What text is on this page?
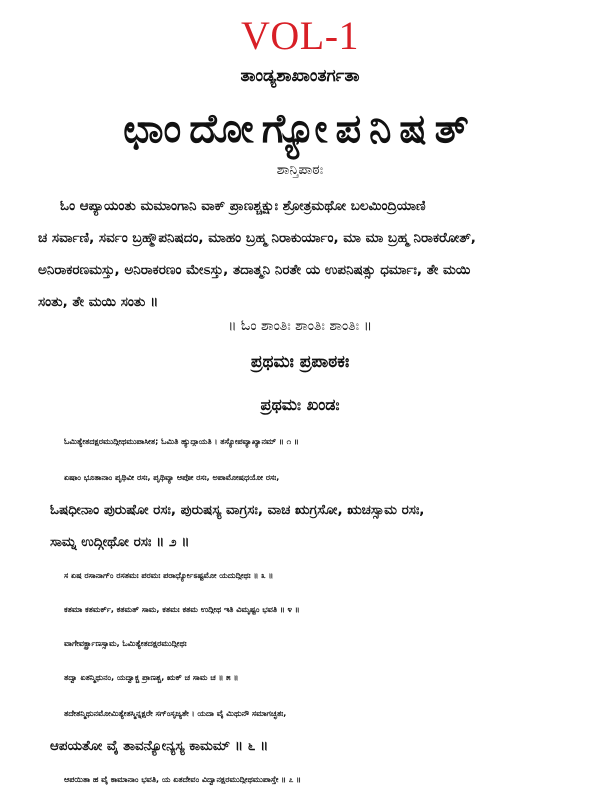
VOL-1
ತಾಂಡ್ಯಶಾಖಾಂತರ್ಗತಾ
ಛಾಂದೋಗ್ಯೋಪನಿಷತ್
ಶಾನ್ತಿಪಾಠಃ
ಓಂ ಆಪ್ಯಾಯಂತು ಮಮಾಂಗಾನಿ ವಾಕ್ ಪ್ರಾಣಶ್ಚಕ್ಷುಃ ಶ್ರೋತ್ರಮಥೋ ಬಲಮಿಂದ್ರಿಯಾಣಿ
ಚ ಸರ್ವಾಣಿ, ಸರ್ವಂ ಬ್ರಹ್ಮೌಪನಿಷದಂ, ಮಾಹಂ ಬ್ರಹ್ಮ ನಿರಾಕುರ್ಯಾಂ, ಮಾ ಮಾ ಬ್ರಹ್ಮ ನಿರಾಕರೋತ್,
ಅನಿರಾಕರಣಮಸ್ತು, ಅನಿರಾಕರಣಂ ಮೇಽಸ್ತು, ತದಾತ್ಮನಿ ನಿರತೇ ಯ ಉಪನಿಷತ್ಸು ಧರ್ಮಾಃ, ತೇ ಮಯಿ
ಸಂತು, ತೇ ಮಯಿ ಸಂತು ॥
॥ ಓಂ ಶಾಂತಿಃ ಶಾಂತಿಃ ಶಾಂತಿಃ ॥
ಪ್ರಥಮಃ ಪ್ರಪಾಠಕಃ
ಪ್ರಥಮಃ ಖಂಡಃ
ಓಮಿತ್ಯೇತದಕ್ಷರಮುದ್ಗೀಥಮುಪಾಸೀತ; ಓಮಿತಿ ಹ್ಯುದ್ಗಾಯತಿ । ತಸ್ಯೋಪವ್ಯಾಖ್ಯಾನಮ್ ॥ ೧ ॥
ಏಷಾಂ ಭೂತಾನಾಂ ಪೃಥಿವೀ ರಸಃ, ಪೃಥಿವ್ಯಾ ಆಪೋ ರಸಃ, ಅಪಾಮೋಷಧಯೋ ರಸಃ,
ಓಷಧೀನಾಂ ಪುರುಷೋ ರಸಃ, ಪುರುಷಸ್ಯ ವಾಗ್ರಸಃ, ವಾಚ ಋಗ್ರಸೋ, ಋಚಸ್ಸಾಮ ರಸಃ,
ಸಾಮ್ನ ಉದ್ಗೀಥೋ ರಸಃ ॥ ೨ ॥
ಸ ಏಷ ರಸಾನಾಗ್ಂ ರಸತಮಃ ಪರಮಃ ಪರಾರ್ಧ್ಯೋಽಷ್ಟಮೋ ಯದುದ್ಗೀಥಃ ॥ ೩ ॥
ಕತಮಾ ಕತಮರ್ಕ್, ಕತಮತ್ ಸಾಮ, ಕತಮಃ ಕತಮ ಉದ್ಗೀಥ ಇತಿ ವಿಮೃಷ್ಟಂ ಭವತಿ ॥ ೪ ॥
ವಾಗೇವರ್ಕ್ಪ್ರಾಣಸ್ಸಾಮ, ಓಮಿತ್ಯೇತದಕ್ಷರಮುದ್ಗೀಥಃ
ತದ್ವಾ ಏತನ್ಮಿಥುನಂ, ಯದ್ವಾಕ್ಚ ಪ್ರಾಣಶ್ಚ, ಋಕ್ ಚ ಸಾಮ ಚ ॥ ೫ ॥
ತದೇತನ್ಮಿಥುನಮೋಮಿತ್ಯೇತಸ್ಮಿನ್ನಕ್ಷರೇ ಸಗ್ಂಸೃಜ್ಯತೇ । ಯದಾ ವೈ ಮಿಥುನೌ ಸಮಾಗಚ್ಛತಃ,
ಆಪಯತೋ ವೈ ತಾವನ್ಯೋನ್ಯಸ್ಯ ಕಾಮಮ್ ॥ ೬ ॥
ಆಪಯಿತಾ ಹ ವೈ ಕಾಮಾನಾಂ ಭವತಿ, ಯ ಏತದೇವಂ ವಿದ್ವಾನಕ್ಷರಮುದ್ಗೀಥಮುಪಾಸ್ತೇ ॥ ೭ ॥
